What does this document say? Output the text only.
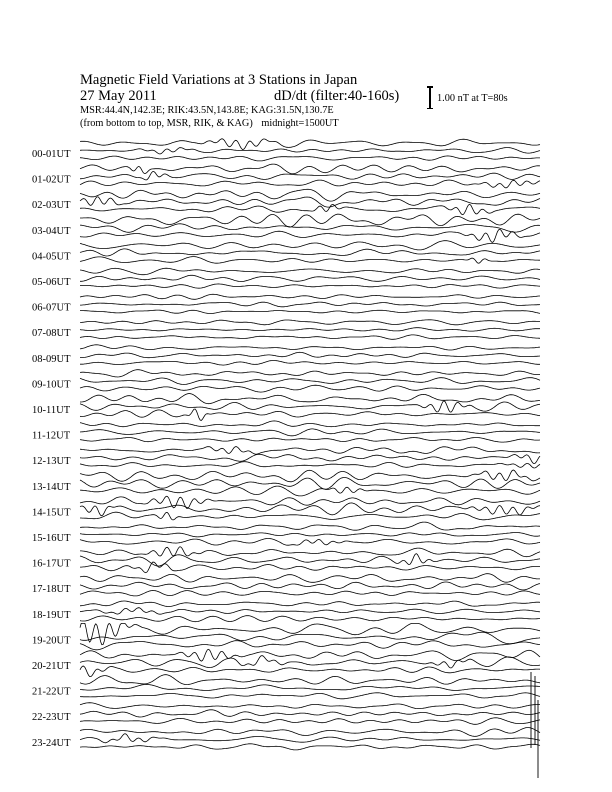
Magnetic Field Variations at 3 Stations in Japan
27 May 2011	dD/dt (filter:40-160s)
MSR:44.4N,142.3E; RIK:43.5N,143.8E; KAG:31.5N,130.7E
(from bottom to top, MSR, RIK, & KAG) midnight=1500UT
1.00 nT at T=80s
00-01UT
01-02UT
02-03UT
03-04UT
04-05UT
05-06UT
06-07UT
07-08UT
08-09UT
09-10UT
10-11UT
11-12UT
12-13UT
13-14UT
14-15UT
15-16UT
16-17UT
17-18UT
18-19UT
19-20UT
20-21UT
21-22UT
22-23UT
23-24UT
